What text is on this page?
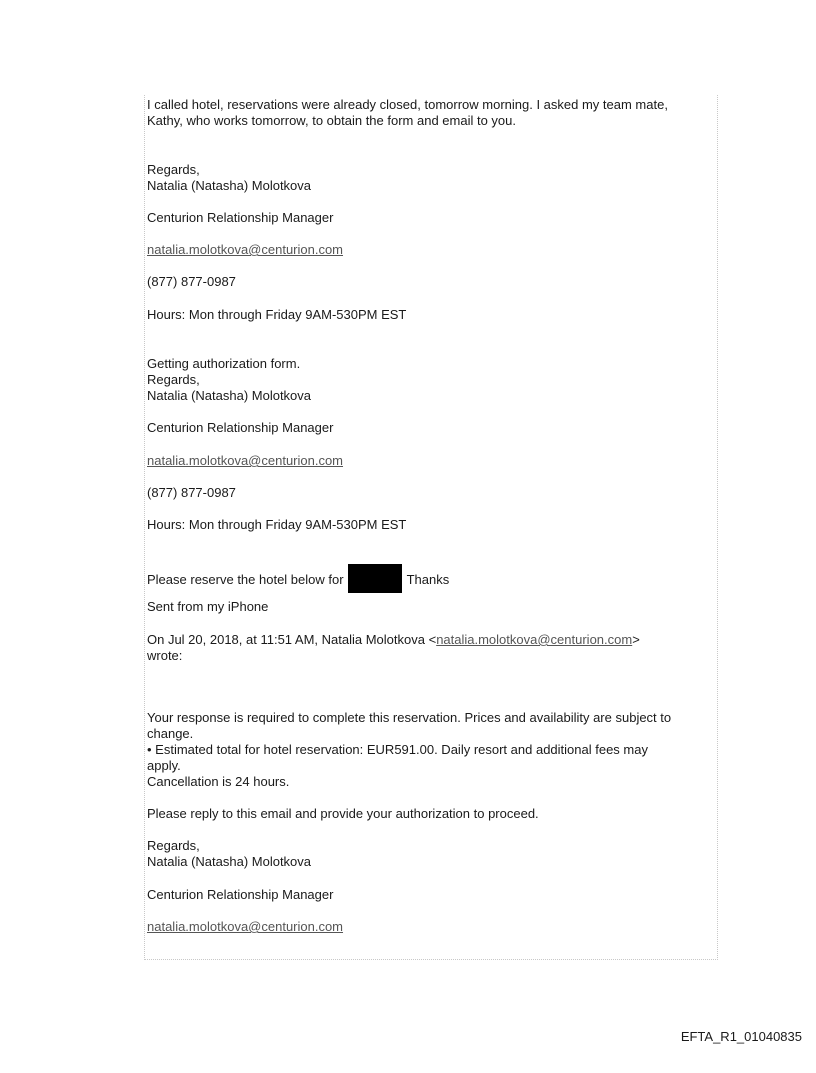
I called hotel, reservations were already closed, tomorrow morning. I asked my team mate,

Kathy, who works tomorrow, to obtain the form and email to you.

Regards,

Natalia (Natasha) Molotkova

Centurion Relationship Manager

natalia.molotkova@centurion.com

(877) 877-0987

Hours: Mon through Friday 9AM-530PM EST

Getting authorization form.

Regards,

Natalia (Natasha) Molotkova

Centurion Relationship Manager

natalia.molotkova@centurion.com

(877) 877-0987

Hours: Mon through Friday 9AM-530PM EST

Please reserve the hotel below for	Thanks

Sent from my iPhone

On Jul 20, 2018, at 11:51 AM, Natalia Molotkova <natalia.molotkova@centurion.com>

wrote:

Your response is required to complete this reservation. Prices and availability are subject to

change.

• Estimated total for hotel reservation: EUR591.00. Daily resort and additional fees may

apply.

Cancellation is 24 hours.

Please reply to this email and provide your authorization to proceed.

Regards,

Natalia (Natasha) Molotkova

Centurion Relationship Manager

natalia.molotkova@centurion.com

EFTA_R1_01040835
